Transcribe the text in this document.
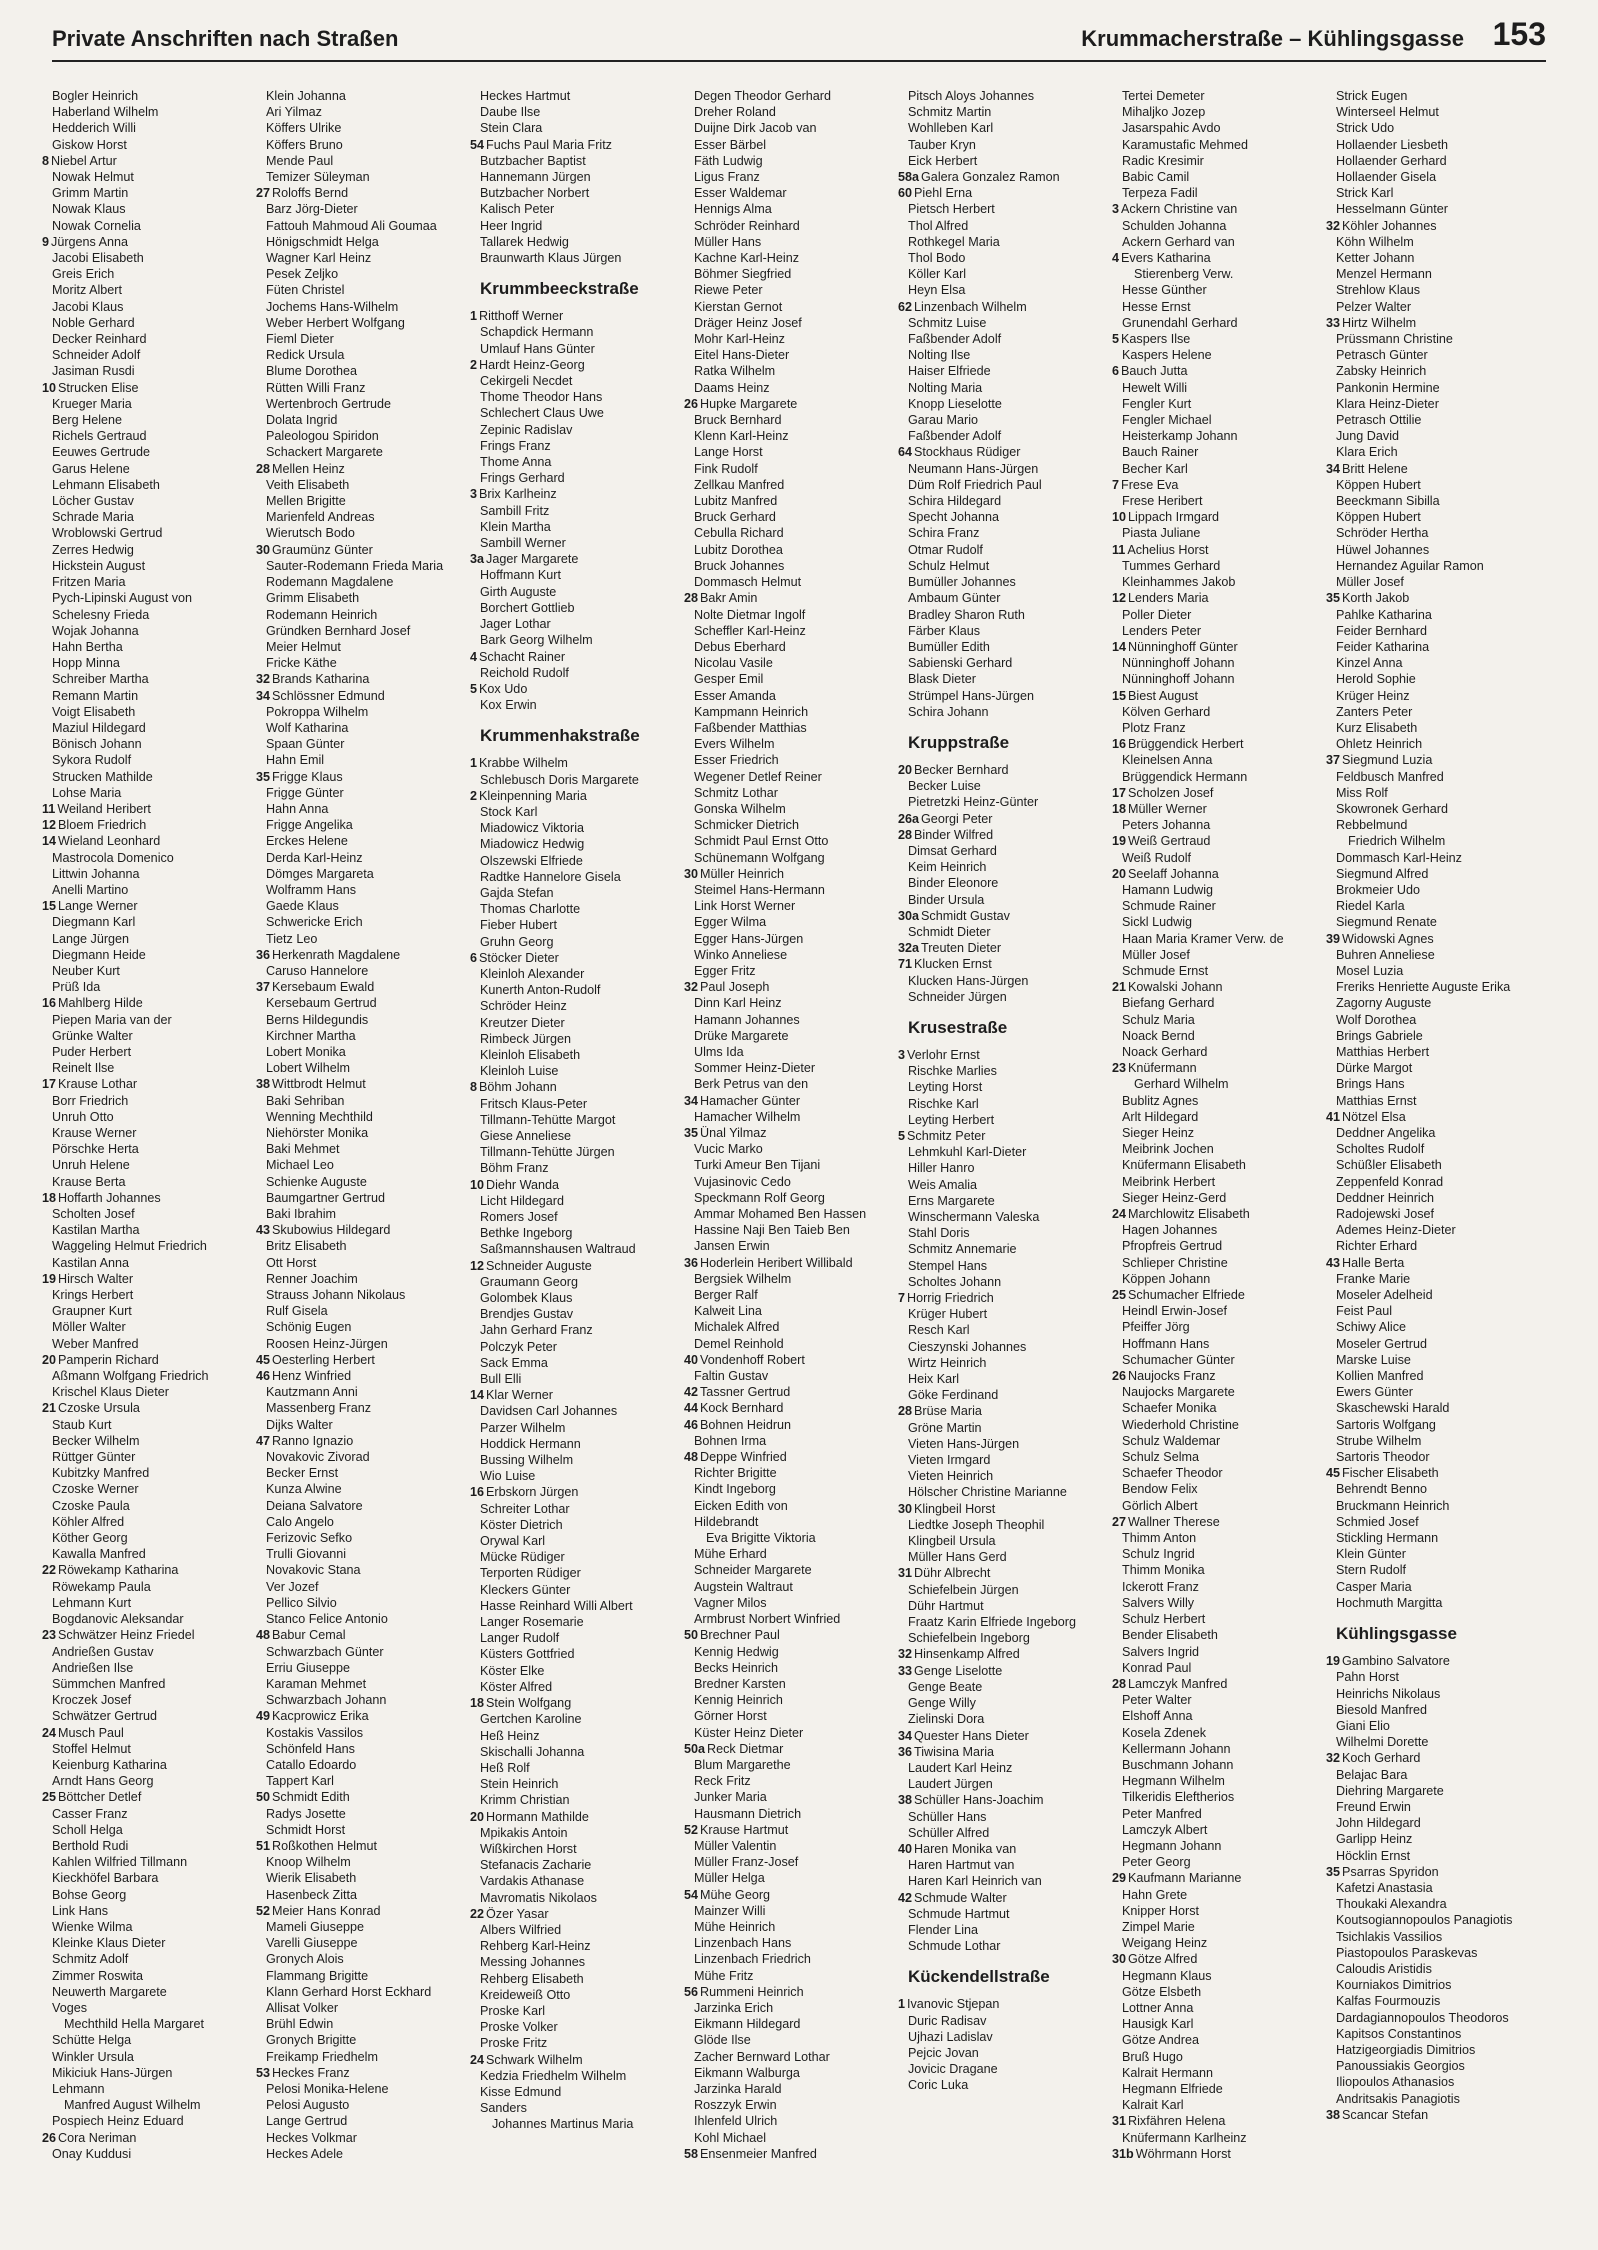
Private Anschriften nach Straßen	Krummacherstraße – Kühlingsgasse 153
Bogler Heinrich
Haberland Wilhelm
Hedderich Willi
Giskow Horst
8 Niebel Artur
Nowak Helmut
Grimm Martin
Nowak Klaus
Nowak Cornelia
9 Jürgens Anna
Jacobi Elisabeth
Greis Erich
Moritz Albert
Jacobi Klaus
Noble Gerhard
Decker Reinhard
Schneider Adolf
Jasiman Rusdi
10 Strucken Elise
Krueger Maria
Berg Helene
Richels Gertraud
Eeuwes Gertrude
Garus Helene
Lehmann Elisabeth
Löcher Gustav
Schrade Maria
Wroblowski Gertrud
Zerres Hedwig
Hickstein August
Fritzen Maria
Pych-Lipinski August von
Schelesny Frieda
Wojak Johanna
Hahn Bertha
Hopp Minna
Schreiber Martha
Remann Martin
Voigt Elisabeth
Maziul Hildegard
Bönisch Johann
Sykora Rudolf
Strucken Mathilde
Lohse Maria
11 Weiland Heribert
12 Bloem Friedrich
14 Wieland Leonhard
Mastrocola Domenico
Littwin Johanna
Anelli Martino
15 Lange Werner
Diegmann Karl
Lange Jürgen
Diegmann Heide
Neuber Kurt
Prüß Ida
16 Mahlberg Hilde
Piepen Maria van der
Grünke Walter
Puder Herbert
Reinelt Ilse
17 Krause Lothar
Borr Friedrich
Unruh Otto
Krause Werner
Pörschke Herta
Unruh Helene
Krause Berta
18 Hoffarth Johannes
Scholten Josef
Kastilan Martha
Waggeling Helmut Friedrich
Kastilan Anna
19 Hirsch Walter
Krings Herbert
Graupner Kurt
Möller Walter
Weber Manfred
20 Pamperin Richard
Aßmann Wolfgang Friedrich
Krischel Klaus Dieter
21 Czoske Ursula
Staub Kurt
Becker Wilhelm
Rüttger Günter
Kubitzky Manfred
Czoske Werner
Czoske Paula
Köhler Alfred
Köther Georg
Kawalla Manfred
22 Röwekamp Katharina
Röwekamp Paula
Lehmann Kurt
Bogdanovic Aleksandar
23 Schwätzer Heinz Friedel
Andrießen Gustav
Andrießen Ilse
Sümmchen Manfred
Kroczek Josef
Schwätzer Gertrud
24 Musch Paul
Stoffel Helmut
Keienburg Katharina
Arndt Hans Georg
25 Böttcher Detlef
Casser Franz
Scholl Helga
Berthold Rudi
Kahlen Wilfried Tillmann
Kieckhöfel Barbara
Bohse Georg
Link Hans
Wienke Wilma
Kleinke Klaus Dieter
Schmitz Adolf
Zimmer Roswita
Neuwerth Margarete
Voges
Mechthild Hella Margaret
Schütte Helga
Winkler Ursula
Mikiciuk Hans-Jürgen
Lehmann
Manfred August Wilhelm
Pospiech Heinz Eduard
26 Cora Neriman
Onay Kuddusi
Klein Johanna
Ari Yilmaz
Köffers Ulrike
Köffers Bruno
Mende Paul
Temizer Süleyman
27 Roloffs Bernd
Barz Jörg-Dieter
Fattouh Mahmoud Ali Goumaa
Hönigschmidt Helga
Wagner Karl Heinz
Pesek Zeljko
Füten Christel
Jochems Hans-Wilhelm
Weber Herbert Wolfgang
Fieml Dieter
Redick Ursula
Blume Dorothea
Rütten Willi Franz
Wertenbroch Gertrude
Dolata Ingrid
Paleologou Spiridon
Schackert Margarete
28 Mellen Heinz
Veith Elisabeth
Mellen Brigitte
Marienfeld Andreas
Wierutsch Bodo
30 Graumünz Günter
Sauter-Rodemann Frieda Maria
Rodemann Magdalene
Grimm Elisabeth
Rodemann Heinrich
Gründken Bernhard Josef
Meier Helmut
Fricke Käthe
32 Brands Katharina
34 Schlössner Edmund
Pokroppa Wilhelm
Wolf Katharina
Spaan Günter
Hahn Emil
35 Frigge Klaus
Frigge Günter
Hahn Anna
Frigge Angelika
Erckes Helene
Derda Karl-Heinz
Dömges Margareta
Wolframm Hans
Gaede Klaus
Schwericke Erich
Tietz Leo
36 Herkenrath Magdalene
Caruso Hannelore
37 Kersebaum Ewald
Kersebaum Gertrud
Berns Hildegundis
Kirchner Martha
Lobert Monika
Lobert Wilhelm
38 Wittbrodt Helmut
Baki Sehriban
Wenning Mechthild
Niehörster Monika
Baki Mehmet
Michael Leo
Schienke Auguste
Baumgartner Gertrud
Baki Ibrahim
43 Skubowius Hildegard
Britz Elisabeth
Ott Horst
Renner Joachim
Strauss Johann Nikolaus
Rulf Gisela
Schönig Eugen
Roosen Heinz-Jürgen
45 Oesterling Herbert
46 Henz Winfried
Kautzmann Anni
Massenberg Franz
Dijks Walter
47 Ranno Ignazio
Novakovic Zivorad
Becker Ernst
Kunza Alwine
Deiana Salvatore
Calo Angelo
Ferizovic Sefko
Trulli Giovanni
Novakovic Stana
Ver Jozef
Pellico Silvio
Stanco Felice Antonio
48 Babur Cemal
Schwarzbach Günter
Erriu Giuseppe
Karaman Mehmet
Schwarzbach Johann
49 Kacprowicz Erika
Kostakis Vassilos
Schönfeld Hans
Catallo Edoardo
Tappert Karl
50 Schmidt Edith
Radys Josette
Schmidt Horst
51 Roßkothen Helmut
Knoop Wilhelm
Wierik Elisabeth
Hasenbeck Zitta
52 Meier Hans Konrad
Mameli Giuseppe
Varelli Giuseppe
Gronych Alois
Flammang Brigitte
Klann Gerhard Horst Eckhard
Allisat Volker
Brühl Edwin
Gronych Brigitte
Freikamp Friedhelm
53 Heckes Franz
Pelosi Monika-Helene
Pelosi Augusto
Lange Gertrud
Heckes Volkmar
Heckes Adele
Heckes Hartmut
Daube Ilse
Stein Clara
54 Fuchs Paul Maria Fritz
Butzbacher Baptist
Hannemann Jürgen
Butzbacher Norbert
Kalisch Peter
Heer Ingrid
Tallarek Hedwig
Braunwarth Klaus Jürgen
Krummbeeckstraße
1 Ritthoff Werner
Schapdick Hermann
Umlauf Hans Günter
2 Hardt Heinz-Georg
Cekirgeli Necdet
Thome Theodor Hans
Schlechert Claus Uwe
Zepinic Radislav
Frings Franz
Thome Anna
Frings Gerhard
3 Brix Karlheinz
Sambill Fritz
Klein Martha
Sambill Werner
3a Jager Margarete
Hoffmann Kurt
Girth Auguste
Borchert Gottlieb
Jager Lothar
Bark Georg Wilhelm
4 Schacht Rainer
Reichold Rudolf
5 Kox Udo
Kox Erwin
Krummenhakstraße
1 Krabbe Wilhelm
Schlebusch Doris Margarete
2 Kleinpenning Maria
Stock Karl
Miadowicz Viktoria
Miadowicz Hedwig
Olszewski Elfriede
Radtke Hannelore Gisela
Gajda Stefan
Thomas Charlotte
Fieber Hubert
Gruhn Georg
6 Stöcker Dieter
Kleinloh Alexander
Kunerth Anton-Rudolf
Schröder Heinz
Kreutzer Dieter
Rimbeck Jürgen
Kleinloh Elisabeth
Kleinloh Luise
8 Böhm Johann
Fritsch Klaus-Peter
Tillmann-Tehütte Margot
Giese Anneliese
Tillmann-Tehütte Jürgen
Böhm Franz
10 Diehr Wanda
Licht Hildegard
Romers Josef
Bethke Ingeborg
Saßmannshausen Waltraud
12 Schneider Auguste
Graumann Georg
Golombek Klaus
Brendjes Gustav
Jahn Gerhard Franz
Polczyk Peter
Sack Emma
Bull Elli
14 Klar Werner
Davidsen Carl Johannes
Parzer Wilhelm
Hoddick Hermann
Bussing Wilhelm
Wio Luise
16 Erbskorn Jürgen
Schreiter Lothar
Köster Dietrich
Orywal Karl
Mücke Rüdiger
Terporten Rüdiger
Kleckers Günter
Hasse Reinhard Willi Albert
Langer Rosemarie
Langer Rudolf
Küsters Gottfried
Köster Elke
Köster Alfred
18 Stein Wolfgang
Gertchen Karoline
Heß Heinz
Skischalli Johanna
Heß Rolf
Stein Heinrich
Krimm Christian
20 Hormann Mathilde
Mpikakis Antoin
Wißkirchen Horst
Stefanacis Zacharie
Vardakis Athanase
Mavromatis Nikolaos
22 Özer Yasar
Albers Wilfried
Rehberg Karl-Heinz
Messing Johannes
Rehberg Elisabeth
Kreideweiß Otto
Proske Karl
Proske Volker
Proske Fritz
24 Schwark Wilhelm
Kedzia Friedhelm Wilhelm
Kisse Edmund
Sanders
Johannes Martinus Maria
Degen Theodor Gerhard
Dreher Roland
Duijne Dirk Jacob van
Esser Bärbel
Fäth Ludwig
Ligus Franz
Esser Waldemar
Hennigs Alma
Schröder Reinhard
Müller Hans
Kachne Karl-Heinz
Böhmer Siegfried
Riewe Peter
Kierstan Gernot
Dräger Heinz Josef
Mohr Karl-Heinz
Eitel Hans-Dieter
Ratka Wilhelm
Daams Heinz
26 Hupke Margarete
Bruck Bernhard
Klenn Karl-Heinz
Lange Horst
Fink Rudolf
Zellkau Manfred
Lubitz Manfred
Bruck Gerhard
Cebulla Richard
Lubitz Dorothea
Bruck Johannes
Dommasch Helmut
28 Bakr Amin
Nolte Dietmar Ingolf
Scheffler Karl-Heinz
Debus Eberhard
Nicolau Vasile
Gesper Emil
Esser Amanda
Kampmann Heinrich
Faßbender Matthias
Evers Wilhelm
Esser Friedrich
Wegener Detlef Reiner
Schmitz Lothar
Gonska Wilhelm
Schmicker Dietrich
Schmidt Paul Ernst Otto
Schünemann Wolfgang
30 Müller Heinrich
Steimel Hans-Hermann
Link Horst Werner
Egger Wilma
Egger Hans-Jürgen
Winko Anneliese
Egger Fritz
32 Paul Joseph
Dinn Karl Heinz
Hamann Johannes
Drüke Margarete
Ulms Ida
Sommer Heinz-Dieter
Berk Petrus van den
34 Hamacher Günter
Hamacher Wilhelm
35 Ünal Yilmaz
Vucic Marko
Turki Ameur Ben Tijani
Vujasinovic Cedo
Speckmann Rolf Georg
Ammar Mohamed Ben Hassen
Hassine Naji Ben Taieb Ben
Jansen Erwin
36 Hoderlein Heribert Willibald
Bergsiek Wilhelm
Berger Ralf
Kalweit Lina
Michalek Alfred
Demel Reinhold
40 Vondenhoff Robert
Faltin Gustav
42 Tassner Gertrud
44 Kock Bernhard
46 Bohnen Heidrun
Bohnen Irma
48 Deppe Winfried
Richter Brigitte
Kindt Ingeborg
Eicken Edith von
Hildebrandt
Eva Brigitte Viktoria
Mühe Erhard
Schneider Margarete
Augstein Waltraut
Vagner Milos
Armbrust Norbert Winfried
50 Brechner Paul
Kennig Hedwig
Becks Heinrich
Bredner Karsten
Kennig Heinrich
Görner Horst
Küster Heinz Dieter
50a Reck Dietmar
Blum Margarethe
Reck Fritz
Junker Maria
Hausmann Dietrich
52 Krause Hartmut
Müller Valentin
Müller Franz-Josef
Müller Helga
54 Mühe Georg
Mainzer Willi
Mühe Heinrich
Linzenbach Hans
Linzenbach Friedrich
Mühe Fritz
56 Rummeni Heinrich
Jarzinka Erich
Eikmann Hildegard
Glöde Ilse
Zacher Bernward Lothar
Eikmann Walburga
Jarzinka Harald
Roszzyk Erwin
Ihlenfeld Ulrich
Kohl Michael
58 Ensenmeier Manfred
Pitsch Aloys Johannes
Schmitz Martin
Wohlleben Karl
Tauber Kryn
Eick Herbert
58a Galera Gonzalez Ramon
60 Piehl Erna
Pietsch Herbert
Thol Alfred
Rothkegel Maria
Thol Bodo
Köller Karl
Heyn Elsa
62 Linzenbach Wilhelm
Schmitz Luise
Faßbender Adolf
Nolting Ilse
Haiser Elfriede
Nolting Maria
Knopp Lieselotte
Garau Mario
Faßbender Adolf
64 Stockhaus Rüdiger
Neumann Hans-Jürgen
Düm Rolf Friedrich Paul
Schira Hildegard
Specht Johanna
Schira Franz
Otmar Rudolf
Schulz Helmut
Bumüller Johannes
Ambaum Günter
Bradley Sharon Ruth
Färber Klaus
Bumüller Edith
Sabienski Gerhard
Blask Dieter
Strümpel Hans-Jürgen
Schira Johann
Kruppstraße
20 Becker Bernhard
Becker Luise
Pietretzki Heinz-Günter
26a Georgi Peter
28 Binder Wilfred
Dimsat Gerhard
Keim Heinrich
Binder Eleonore
Binder Ursula
30a Schmidt Gustav
Schmidt Dieter
32a Treuten Dieter
71 Klucken Ernst
Klucken Hans-Jürgen
Schneider Jürgen
Krusestraße
3 Verlohr Ernst
Rischke Marlies
Leyting Horst
Rischke Karl
Leyting Herbert
5 Schmitz Peter
Lehmkuhl Karl-Dieter
Hiller Hanro
Weis Amalia
Erns Margarete
Winschermann Valeska
Stahl Doris
Schmitz Annemarie
Stempel Hans
Scholtes Johann
7 Horrig Friedrich
Krüger Hubert
Resch Karl
Cieszynski Johannes
Wirtz Heinrich
Heix Karl
Göke Ferdinand
28 Brüse Maria
Gröne Martin
Vieten Hans-Jürgen
Vieten Irmgard
Vieten Heinrich
Hölscher Christine Marianne
30 Klingbeil Horst
Liedtke Joseph Theophil
Klingbeil Ursula
Müller Hans Gerd
31 Dühr Albrecht
Schiefelbein Jürgen
Dühr Hartmut
Fraatz Karin Elfriede Ingeborg
Schiefelbein Ingeborg
32 Hinsenkamp Alfred
33 Genge Liselotte
Genge Beate
Genge Willy
Zielinski Dora
34 Quester Hans Dieter
36 Tiwisina Maria
Laudert Karl Heinz
Laudert Jürgen
38 Schüller Hans-Joachim
Schüller Hans
Schüller Alfred
40 Haren Monika van
Haren Hartmut van
Haren Karl Heinrich van
42 Schmude Walter
Schmude Hartmut
Flender Lina
Schmude Lothar
Kückendellstraße
1 Ivanovic Stjepan
Duric Radisav
Ujhazi Ladislav
Pejcic Jovan
Jovicic Dragane
Coric Luka
Tertei Demeter
Mihaljko Jozep
Jasarspahic Avdo
Karamustafic Mehmed
Radic Kresimir
Babic Camil
Terpeza Fadil
3 Ackern Christine van
Schulden Johanna
Ackern Gerhard van
4 Evers Katharina
Stierenberg Verw.
Hesse Günther
Hesse Ernst
Grunendahl Gerhard
5 Kaspers Ilse
Kaspers Helene
6 Bauch Jutta
Hewelt Willi
Fengler Kurt
Fengler Michael
Heisterkamp Johann
Bauch Rainer
Becher Karl
7 Frese Eva
Frese Heribert
10 Lippach Irmgard
Piasta Juliane
11 Achelius Horst
Tummes Gerhard
Kleinhammes Jakob
12 Lenders Maria
Poller Dieter
Lenders Peter
14 Nünninghoff Günter
Nünninghoff Johann
Nünninghoff Johann
15 Biest August
Kölven Gerhard
Plotz Franz
16 Brüggendick Herbert
Kleinelsen Anna
Brüggendick Hermann
17 Scholzen Josef
18 Müller Werner
Peters Johanna
19 Weiß Gertraud
Weiß Rudolf
20 Seelaff Johanna
Hamann Ludwig
Schmude Rainer
Sickl Ludwig
Haan Maria Kramer Verw. de
Müller Josef
Schmude Ernst
21 Kowalski Johann
Biefang Gerhard
Schulz Maria
Noack Bernd
Noack Gerhard
23 Knüfermann
Gerhard Wilhelm
Bublitz Agnes
Arlt Hildegard
Sieger Heinz
Meibrink Jochen
Knüfermann Elisabeth
Meibrink Herbert
Sieger Heinz-Gerd
24 Marchlowitz Elisabeth
Hagen Johannes
Pfropfreis Gertrud
Schlieper Christine
Köppen Johann
25 Schumacher Elfriede
Heindl Erwin-Josef
Pfeiffer Jörg
Hoffmann Hans
Schumacher Günter
26 Naujocks Franz
Naujocks Margarete
Schaefer Monika
Wiederhold Christine
Schulz Waldemar
Schulz Selma
Schaefer Theodor
Bendow Felix
Görlich Albert
27 Wallner Therese
Thimm Anton
Schulz Ingrid
Thimm Monika
Ickerott Franz
Salvers Willy
Schulz Herbert
Bender Elisabeth
Salvers Ingrid
Konrad Paul
28 Lamczyk Manfred
Peter Walter
Elshoff Anna
Kosela Zdenek
Kellermann Johann
Buschmann Johann
Hegmann Wilhelm
Tilkeridis Eleftherios
Peter Manfred
Lamczyk Albert
Hegmann Johann
Peter Georg
29 Kaufmann Marianne
Hahn Grete
Knipper Horst
Zimpel Marie
Weigang Heinz
30 Götze Alfred
Hegmann Klaus
Götze Elsbeth
Lottner Anna
Hausigk Karl
Götze Andrea
Bruß Hugo
Kalrait Hermann
Hegmann Elfriede
Kalrait Karl
31 Rixfähren Helena
Knüfermann Karlheinz
31b Wöhrmann Horst
Strick Eugen
Winterseel Helmut
Strick Udo
Hollaender Liesbeth
Hollaender Gerhard
Hollaender Gisela
Strick Karl
Hesselmann Günter
32 Köhler Johannes
Köhn Wilhelm
Ketter Johann
Menzel Hermann
Strehlow Klaus
Pelzer Walter
33 Hirtz Wilhelm
Prüssmann Christine
Petrasch Günter
Zabsky Heinrich
Pankonin Hermine
Klara Heinz-Dieter
Petrasch Ottilie
Jung David
Klara Erich
34 Britt Helene
Köppen Hubert
Beeckmann Sibilla
Köppen Hubert
Schröder Hertha
Hüwel Johannes
Hernandez Aguilar Ramon
Müller Josef
35 Korth Jakob
Pahlke Katharina
Feider Bernhard
Feider Katharina
Kinzel Anna
Herold Sophie
Krüger Heinz
Zanters Peter
Kurz Elisabeth
Ohletz Heinrich
37 Siegmund Luzia
Feldbusch Manfred
Miss Rolf
Skowronek Gerhard
Rebbelmund
Friedrich Wilhelm
Dommasch Karl-Heinz
Siegmund Alfred
Brokmeier Udo
Riedel Karla
Siegmund Renate
39 Widowski Agnes
Buhren Anneliese
Mosel Luzia
Freriks Henriette Auguste Erika
Zagorny Auguste
Wolf Dorothea
Brings Gabriele
Matthias Herbert
Dürke Margot
Brings Hans
Matthias Ernst
41 Nötzel Elsa
Deddner Angelika
Scholtes Rudolf
Schüßler Elisabeth
Zeppenfeld Konrad
Deddner Heinrich
Radojewski Josef
Ademes Heinz-Dieter
Richter Erhard
43 Halle Berta
Franke Marie
Moseler Adelheid
Feist Paul
Schiwy Alice
Moseler Gertrud
Marske Luise
Kollien Manfred
Ewers Günter
Skaschewski Harald
Sartoris Wolfgang
Strube Wilhelm
Sartoris Theodor
45 Fischer Elisabeth
Behrendt Benno
Bruckmann Heinrich
Schmied Josef
Stickling Hermann
Klein Günter
Stern Rudolf
Casper Maria
Hochmuth Margitta
Kühlingsgasse
19 Gambino Salvatore
Pahn Horst
Heinrichs Nikolaus
Biesold Manfred
Giani Elio
Wilhelmi Dorette
32 Koch Gerhard
Belajac Bara
Diehring Margarete
Freund Erwin
John Hildegard
Garlipp Heinz
Höcklin Ernst
35 Psarras Spyridon
Kafetzi Anastasia
Thoukaki Alexandra
Koutsogiannopoulos Panagiotis
Tsichlakis Vassilios
Piastopoulos Paraskevas
Caloudis Aristidis
Kourniakos Dimitrios
Kalfas Fourmouzis
Dardagiannopoulos Theodoros
Kapitsos Constantinos
Hatzigeorgiadis Dimitrios
Panoussiakis Georgios
Iliopoulos Athanasios
Andritsakis Panagiotis
38 Scancar Stefan
